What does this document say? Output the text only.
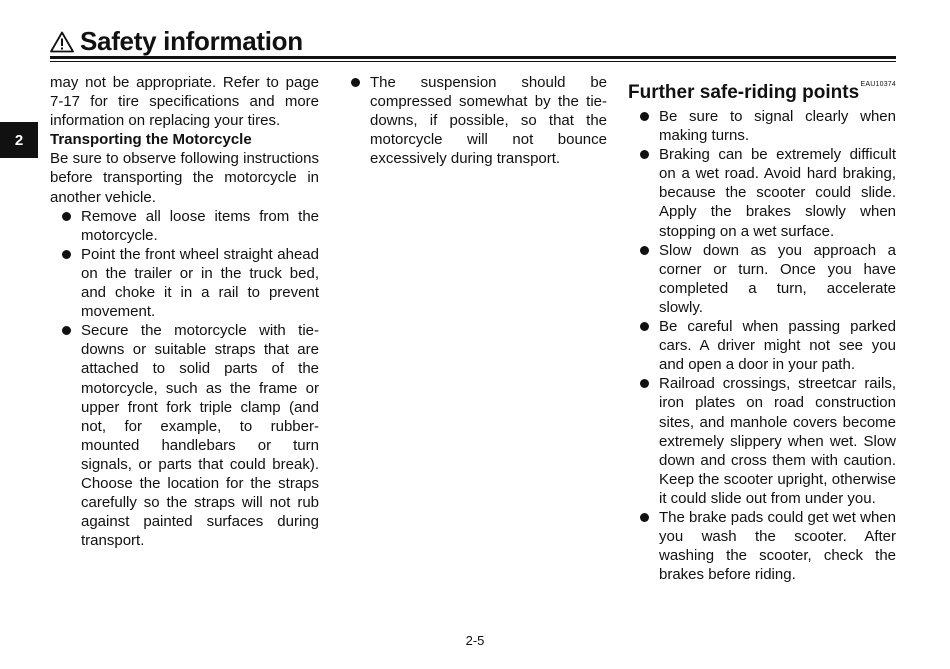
Safety information
2

may not be appropriate. Refer to page 7-17 for tire specifications and more information on replacing your tires.

Transporting the Motorcycle

Be sure to observe following instructions before transporting the motorcycle in another vehicle.

Remove all loose items from the motorcycle.
Point the front wheel straight ahead on the trailer or in the truck bed, and choke it in a rail to prevent movement.
Secure the motorcycle with tie-downs or suitable straps that are attached to solid parts of the motorcycle, such as the frame or upper front fork triple clamp (and not, for example, to rubber-mounted handlebars or turn signals, or parts that could break). Choose the location for the straps carefully so the straps will not rub against painted surfaces during transport.
The suspension should be compressed somewhat by the tie-downs, if possible, so that the motorcycle will not bounce excessively during transport.
EAU10374
Further safe-riding points
Be sure to signal clearly when making turns.
Braking can be extremely difficult on a wet road. Avoid hard braking, because the scooter could slide. Apply the brakes slowly when stopping on a wet surface.
Slow down as you approach a corner or turn. Once you have completed a turn, accelerate slowly.
Be careful when passing parked cars. A driver might not see you and open a door in your path.
Railroad crossings, streetcar rails, iron plates on road construction sites, and manhole covers become extremely slippery when wet. Slow down and cross them with caution. Keep the scooter upright, otherwise it could slide out from under you.
The brake pads could get wet when you wash the scooter. After washing the scooter, check the brakes before riding.
2-5
